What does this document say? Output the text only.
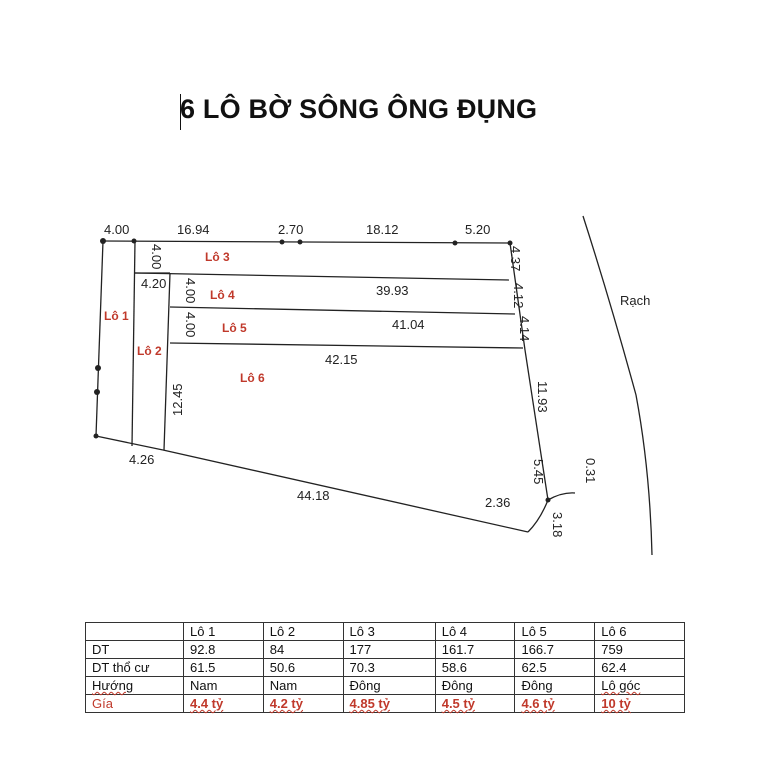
6 LÔ BỜ SÔNG ÔNG ĐỤNG
4.00	16.94	2.70	18.12	5.20
4.00
4.20 4.00
4.00
4.37
4.12
4.14
39.93
41.04
42.15
12.45	11.93
5.45
4.26
44.18	2.36
3.18
0.31
Lô 1
Lô 2
Lô 3
Lô 4
Lô 5
Lô 6
Rạch
	Lô 1	Lô 2	Lô 3	Lô 4	Lô 5	Lô 6
DT	92.8	84	177	161.7	166.7	759
DT thổ cư	61.5	50.6	70.3	58.6	62.5	62.4
Hướng	Nam	Nam	Đông	Đông	Đông	Lô góc
Gía	4.4 tỷ	4.2 tỷ	4.85 tỷ	4.5 tỷ	4.6 tỷ	10 tỷ
